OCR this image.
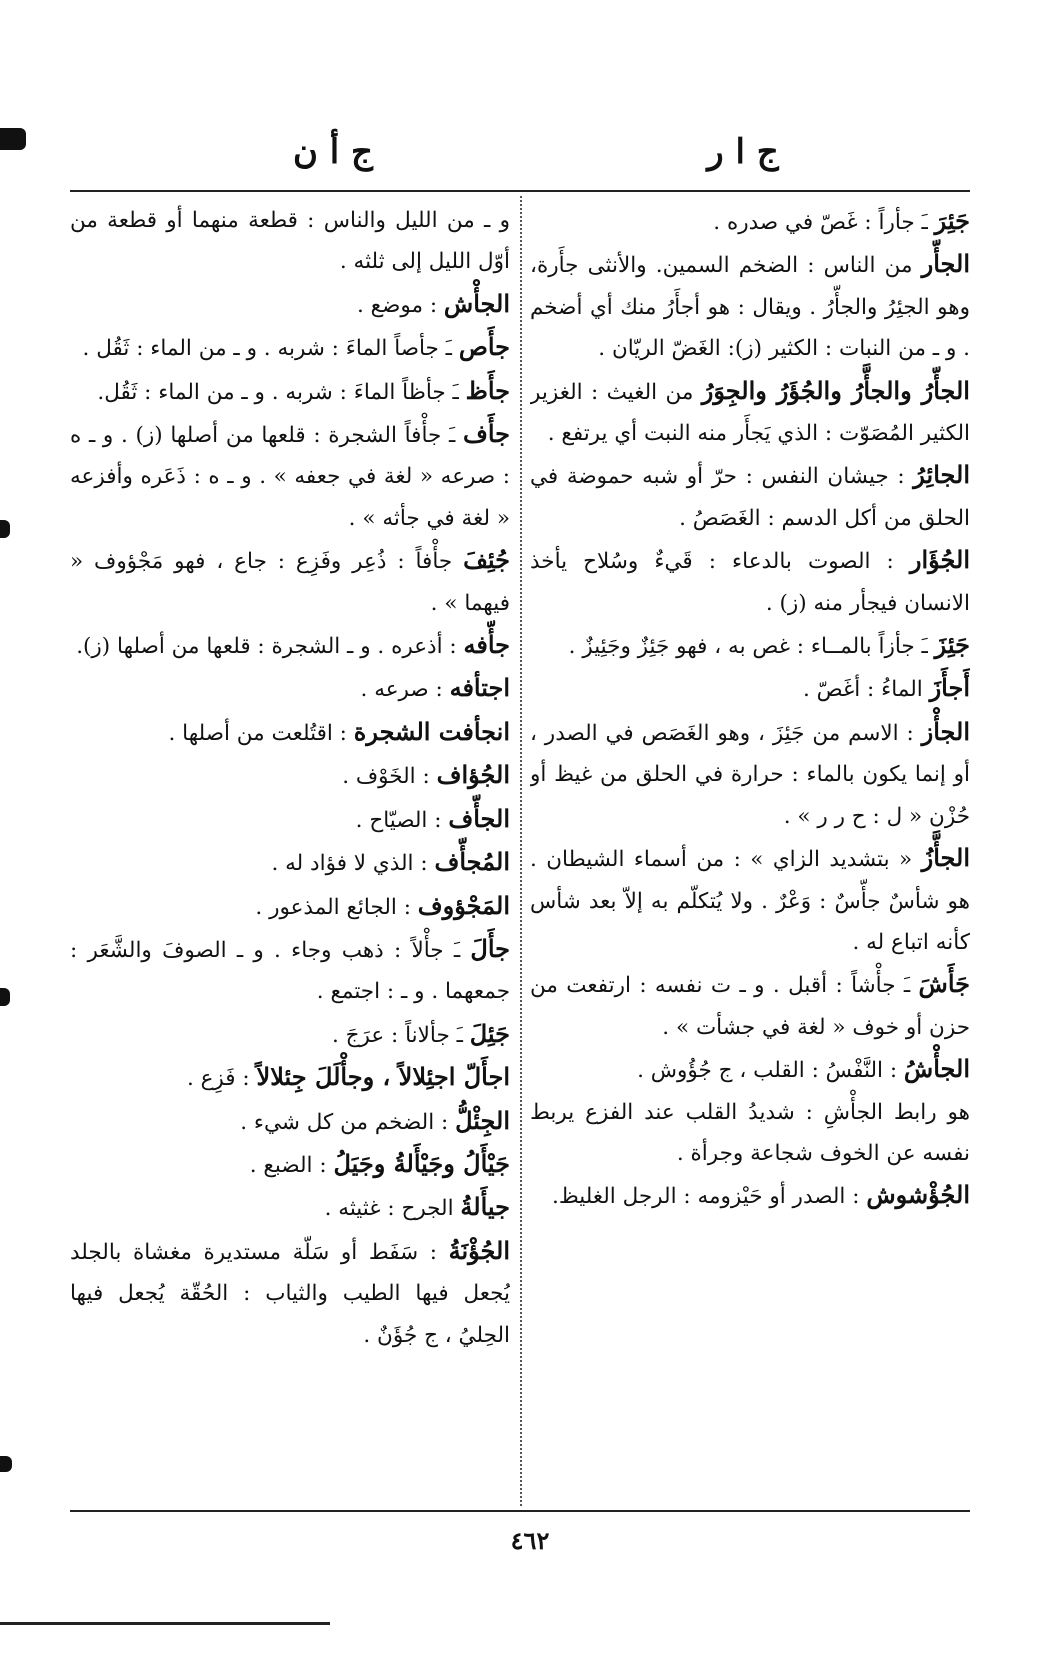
ج ا ر
ج أ ن

جَئِرَ ـَ جأراً : غَصّ في صدره .

الجأّر من الناس : الضخم السمين. والأنثى جأَرة، وهو الجئِرُ والجأّرُ . ويقال : هو أجأَرُ منك أي أضخم . و ـ من النبات : الكثير (ز): الغَضّ الريّان .

الجأّرُ والجأَّرُ والجُؤَرُ والجِوَرُ من الغيث : الغزير الكثير المُصَوّت : الذي يَجأَر منه النبت أي يرتفع .

الجائِرُ : جيشان النفس : حرّ أو شبه حموضة في الحلق من أكل الدسم : الغَصَصُ .

الجُؤَار : الصوت بالدعاء : قَيءٌ وسُلاح يأخذ الانسان فيجأر منه (ز) .

جَئِزَ ـَ جأزاً بالمــاء : غص به ، فهو جَئِزٌ وجَئِيزٌ .

أَجأَزَ الماءُ : أغَصّ .

الجأْز : الاسم من جَئِزَ ، وهو الغَصَص في الصدر ، أو إنما يكون بالماء : حرارة في الحلق من غيظ أو حُزْن « ل : ح ر ر » .

الجأَّزُ « بتشديد الزاي » : من أسماء الشيطان . هو شأسٌ جأّسٌ : وَعْرٌ . ولا يُتكلّم به إلاّ بعد شأس كأنه اتباع له .

جَأَشَ ـَ جأْشاً : أقبل . و ـ ت نفسه : ارتفعت من حزن أو خوف « لغة في جشأت » .

الجأْشُ : النَّفْسُ : القلب ، ج جُؤُوش .

هو رابط الجأْشِ : شديدُ القلب عند الفزع يربط نفسه عن الخوف شجاعة وجرأة .

الجُؤْشوش : الصدر أو حَيْزومه : الرجل الغليظ.

و ـ من الليل والناس : قطعة منهما أو قطعة من أوّل الليل إلى ثلثه .

الجأْش : موضع .

جأَص ـَ جأصاً الماءَ : شربه . و ـ من الماء : ثَقُل .

جأَظ ـَ جأظاً الماءَ : شربه . و ـ من الماء : ثَقُل.

جأَف ـَ جأْفاً الشجرة : قلعها من أصلها (ز) . و ـ ه : صرعه « لغة في جعفه » . و ـ ه : ذَعَره وأفزعه « لغة في جأثه » .

جُئِفَ جأْفاً : ذُعِر وفَزِع : جاع ، فهو مَجْؤوف « فيهما » .

جأّفه : أذعره . و ـ الشجرة : قلعها من أصلها (ز).

اجتأفه : صرعه .

انجأفت الشجرة : اقتُلعت من أصلها .

الجُؤاف : الخَوْف .

الجأّف : الصيّاح .

المُجأّف : الذي لا فؤاد له .

المَجْؤوف : الجائع المذعور .

جأَلَ ـَ جأْلاً : ذهب وجاء . و ـ الصوفَ والشَّعَر : جمعهما . و ـ : اجتمع .

جَئِلَ ـَ جألاناً : عرَجَ .

اجأَلّ اجئِلالاً ، وجأْلَلَ جِئلالاً : فَزِع .

الجِئْلُّ : الضخم من كل شيء .

جَيْأَلُ وجَيْأَلةُ وجَيَلُ : الضبع .

جيأَلةُ الجرح : غثيثه .

الجُؤْنَةُ : سَفَط أو سَلّة مستديرة مغشاة بالجلد يُجعل فيها الطيب والثياب : الحُقّة يُجعل فيها الحِليُ ، ج جُؤَنٌ .

٤٦٢
